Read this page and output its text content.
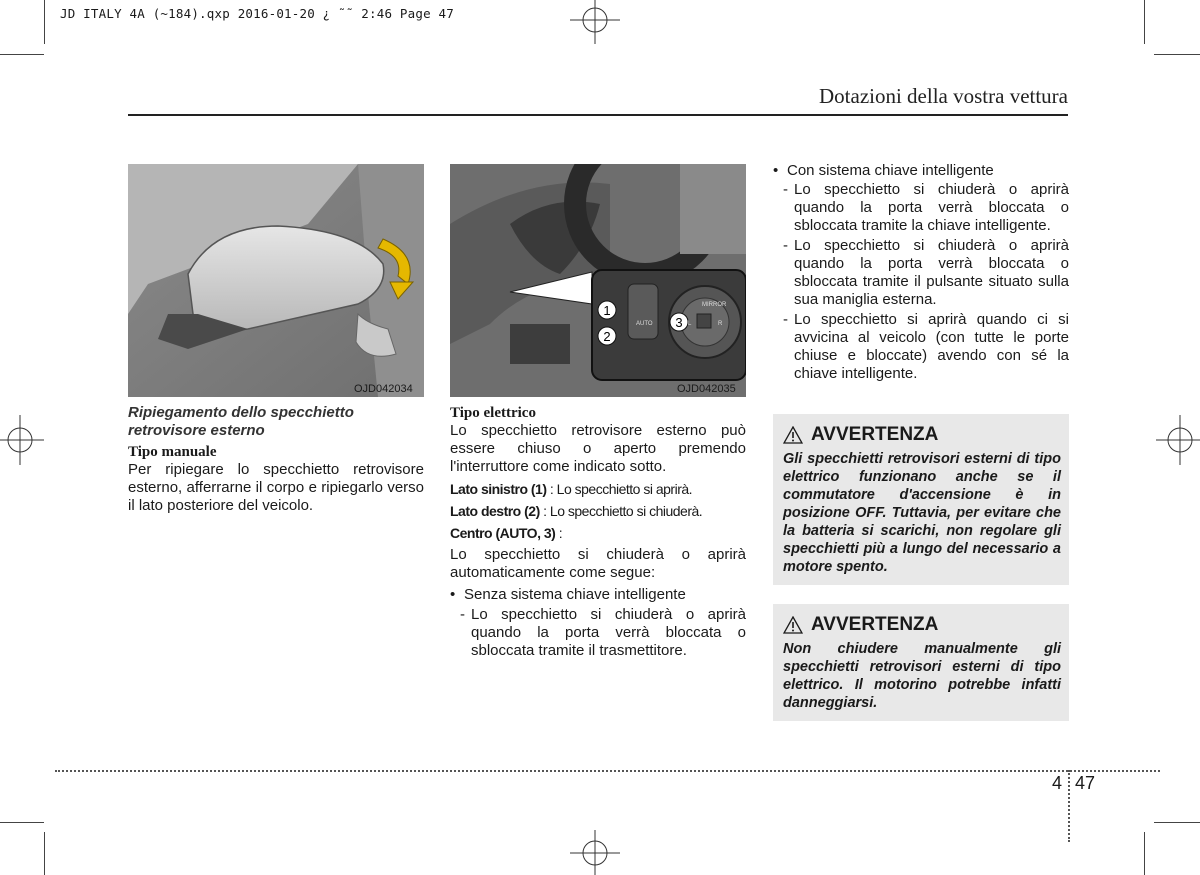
JD ITALY 4A (~184).qxp 2016-01-20 ¿ ˜˜ 2:46 Page 47
Dotazioni della vostra vettura
OJD042034

Ripiegamento dello specchietto retrovisore esterno

Tipo manuale

Per ripiegare lo specchietto retrovisore esterno, afferrarne il corpo e ripiegarlo verso il lato posteriore del veicolo.

1
2
3
MIRROR
AUTO	L	R
OJD042035

Tipo elettrico

Lo specchietto retrovisore esterno può essere chiuso o aperto premendo l'interruttore come indicato sotto.

Lato sinistro (1) : Lo specchietto si aprirà.

Lato destro (2) : Lo specchietto si chiuderà.

Centro (AUTO, 3) :

Lo specchietto si chiuderà o aprirà automaticamente come segue:

• Senza sistema chiave intelligente
- Lo specchietto si chiuderà o aprirà quando la porta verrà bloccata o sbloccata tramite il trasmettitore.
• Con sistema chiave intelligente
- Lo specchietto si chiuderà o aprirà quando la porta verrà bloccata o sbloccata tramite la chiave intelligente.
- Lo specchietto si chiuderà o aprirà quando la porta verrà bloccata o sbloccata tramite il pulsante situato sulla sua maniglia esterna.
- Lo specchietto si aprirà quando ci si avvicina al veicolo (con tutte le porte chiuse e bloccate) avendo con sé la chiave intelligente.
AVVERTENZA

Gli specchietti retrovisori esterni di tipo elettrico funzionano anche se il commutatore d'accensione è in posizione OFF. Tuttavia, per evitare che la batteria si scarichi, non regolare gli specchietti più a lungo del necessario a motore spento.

AVVERTENZA

Non chiudere manualmente gli specchietti retrovisori esterni di tipo elettrico. Il motorino potrebbe infatti danneggiarsi.

4 47
